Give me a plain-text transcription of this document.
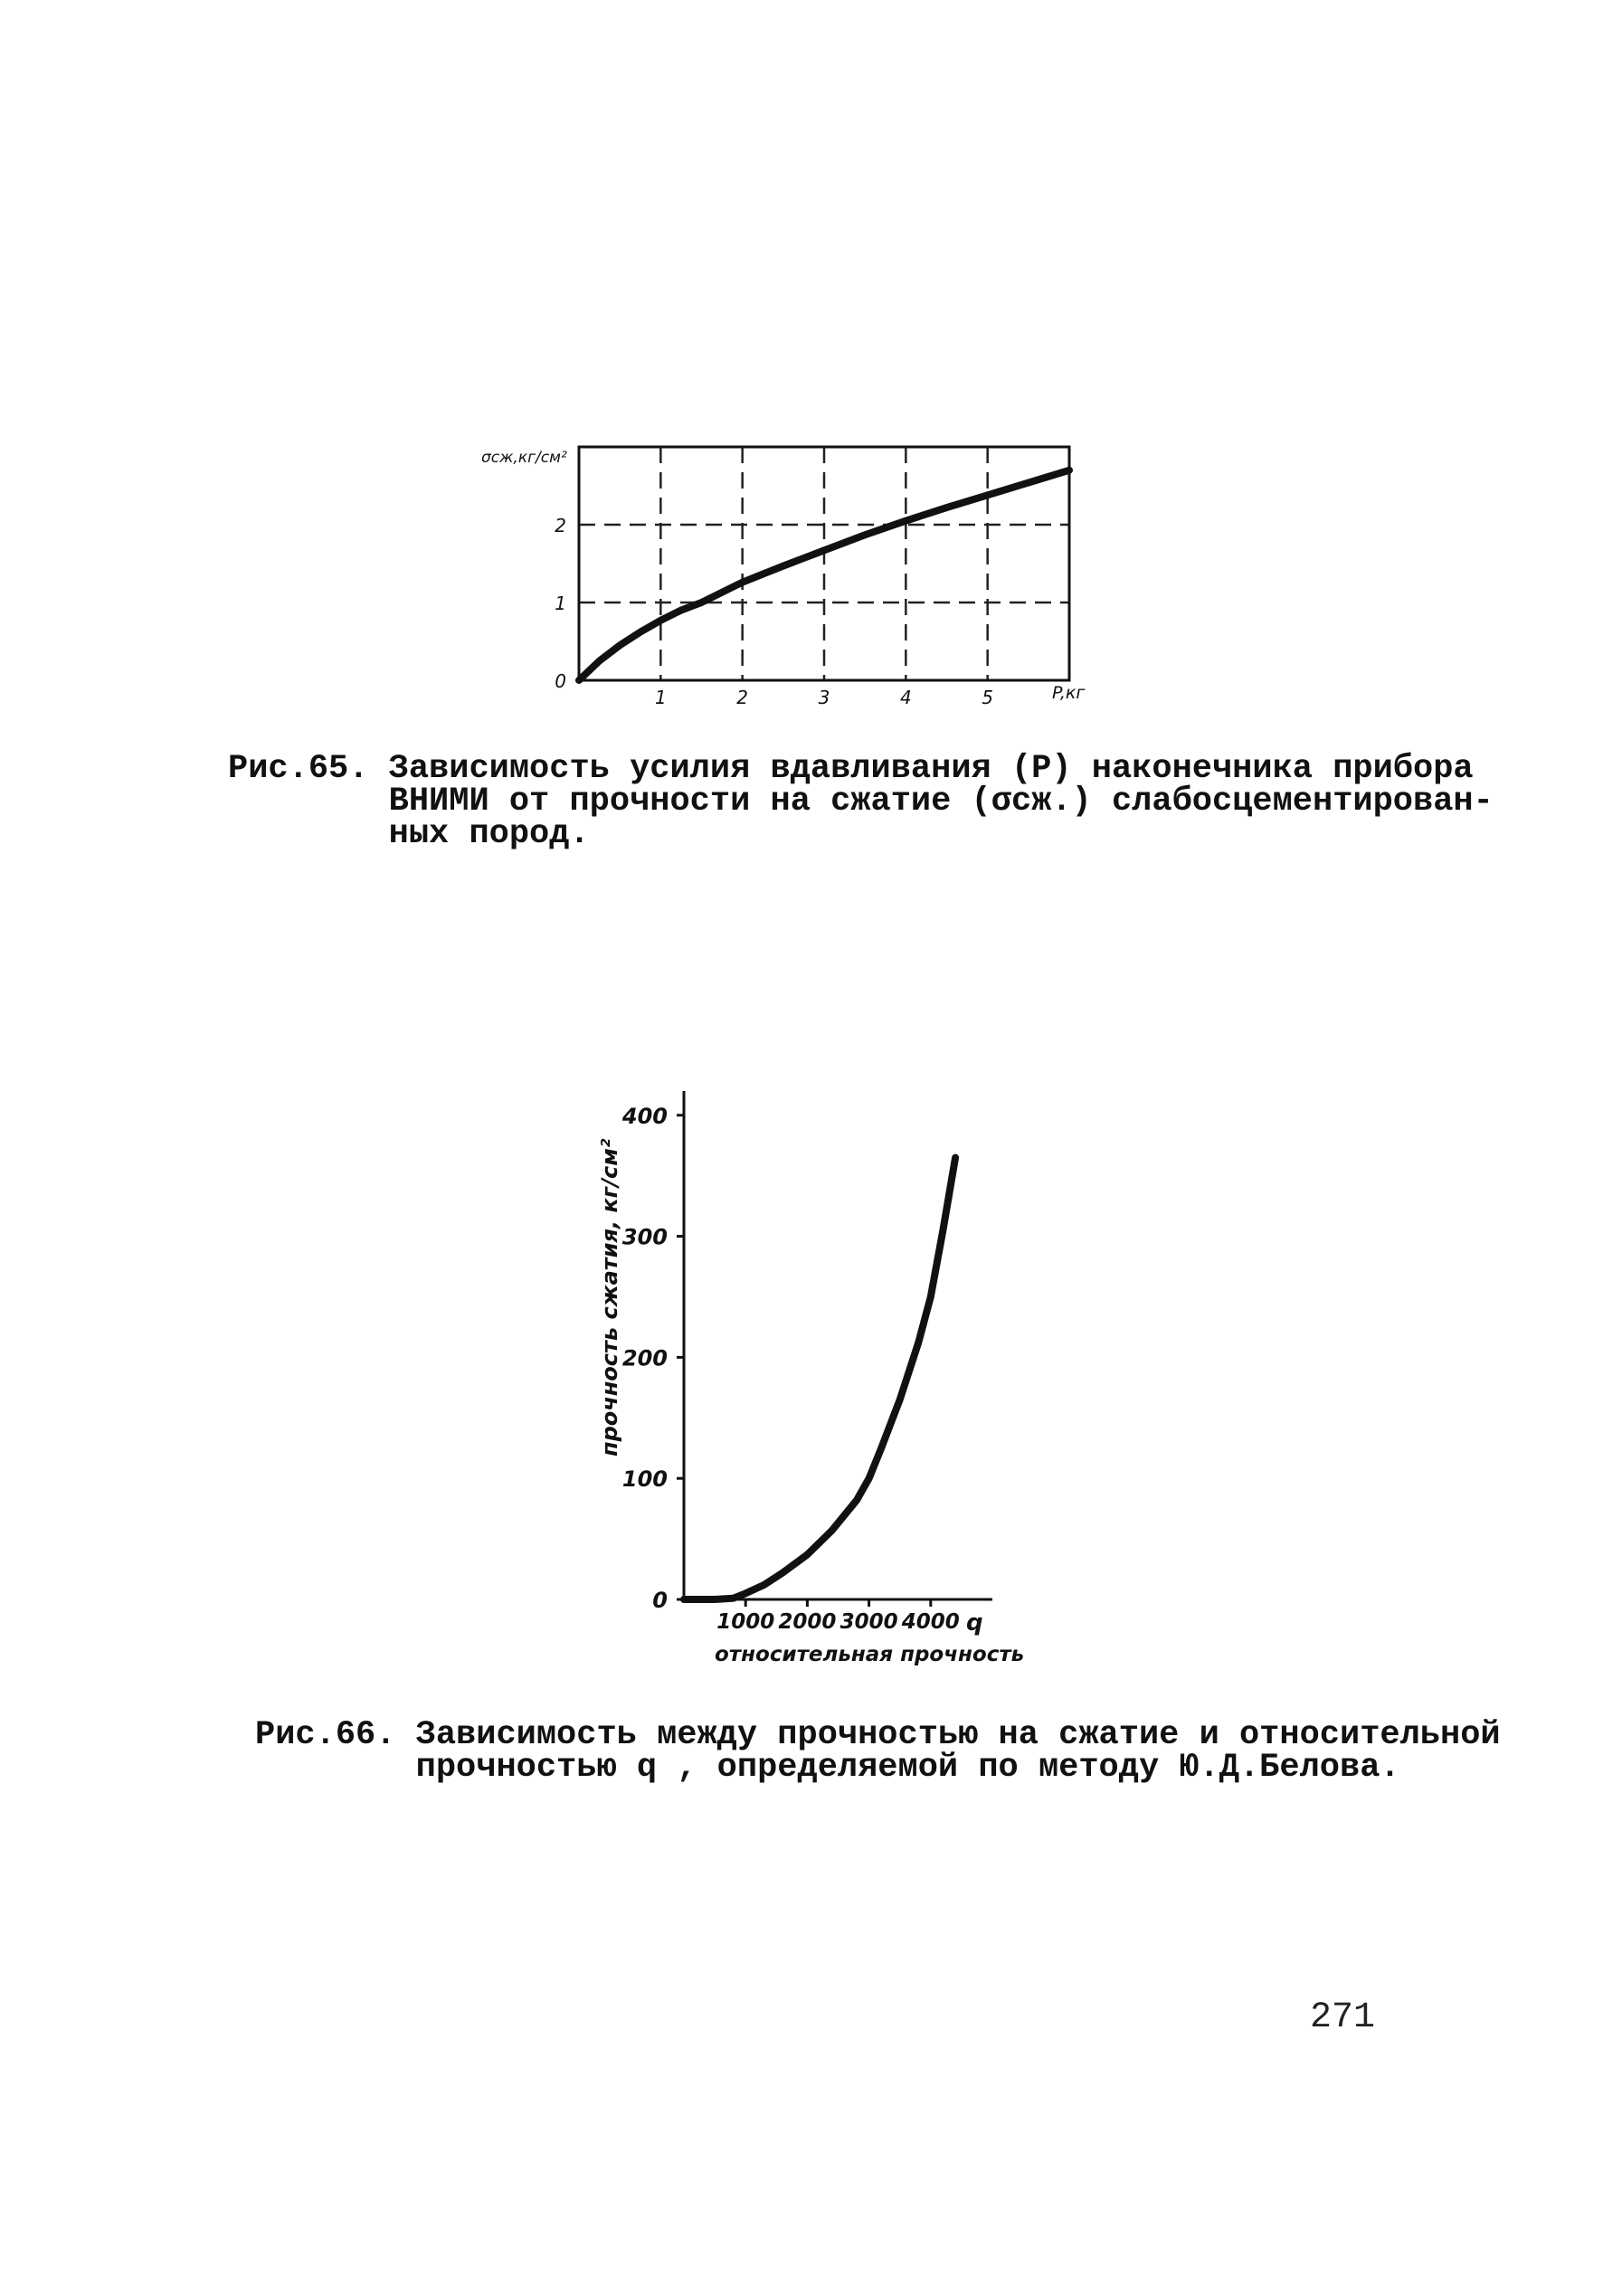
0
1
2
1	2	3	4	5
σсж,кг/см²
P,кг

Рис.65. Зависимость усилия вдавливания (P) наконечника прибора

ВНИМИ от прочности на сжатие (σсж.) слабосцементирован-

ных пород.

0
100
200
300
400
1000 2000 3000 4000
прочность сжатия, кг/см²
q
относительная прочность

Рис.66. Зависимость между прочностью на сжатие и относительной

прочностью q , определяемой по методу Ю.Д.Белова.

271
